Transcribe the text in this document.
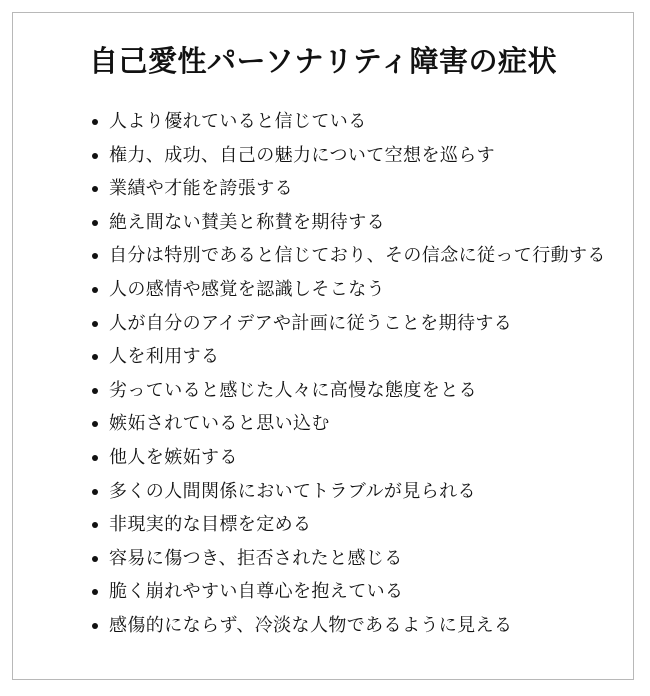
自己愛性パーソナリティ障害の症状
人より優れていると信じている
権力、成功、自己の魅力について空想を巡らす
業績や才能を誇張する
絶え間ない賛美と称賛を期待する
自分は特別であると信じており、その信念に従って行動する
人の感情や感覚を認識しそこなう
人が自分のアイデアや計画に従うことを期待する
人を利用する
劣っていると感じた人々に高慢な態度をとる
嫉妬されていると思い込む
他人を嫉妬する
多くの人間関係においてトラブルが見られる
非現実的な目標を定める
容易に傷つき、拒否されたと感じる
脆く崩れやすい自尊心を抱えている
感傷的にならず、冷淡な人物であるように見える
